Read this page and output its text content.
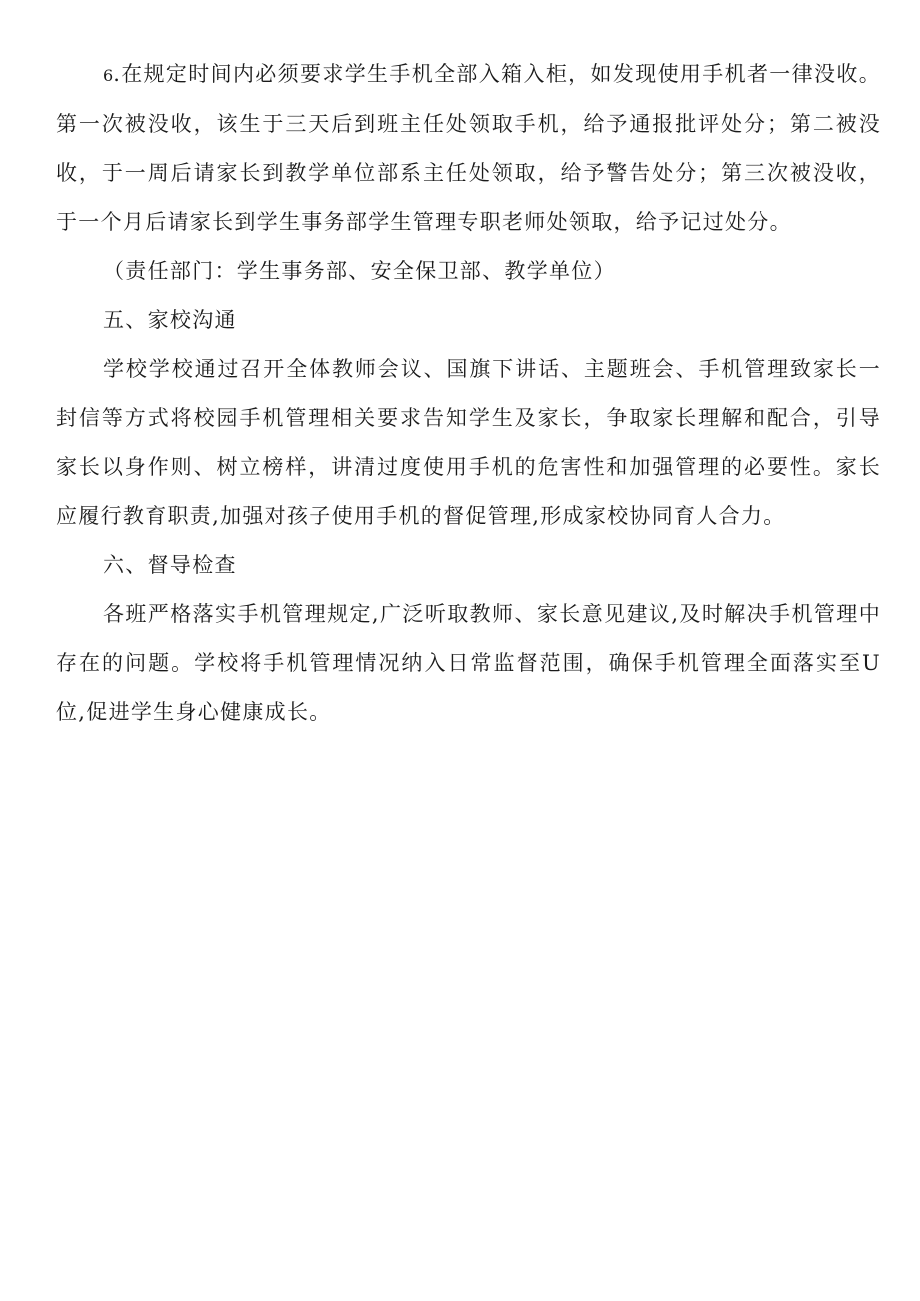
6.在规定时间内必须要求学生手机全部入箱入柜，如发现使用手机者一律没收。第一次被没收，该生于三天后到班主任处领取手机，给予通报批评处分；第二被没收，于一周后请家长到教学单位部系主任处领取，给予警告处分；第三次被没收，于一个月后请家长到学生事务部学生管理专职老师处领取，给予记过处分。

（责任部门：学生事务部、安全保卫部、教学单位）

五、家校沟通

学校学校通过召开全体教师会议、国旗下讲话、主题班会、手机管理致家长一封信等方式将校园手机管理相关要求告知学生及家长，争取家长理解和配合，引导家长以身作则、树立榜样，讲清过度使用手机的危害性和加强管理的必要性。家长应履行教育职责,加强对孩子使用手机的督促管理,形成家校协同育人合力。

六、督导检查

各班严格落实手机管理规定,广泛听取教师、家长意见建议,及时解决手机管理中存在的问题。学校将手机管理情况纳入日常监督范围，确保手机管理全面落实至U位,促进学生身心健康成长。
